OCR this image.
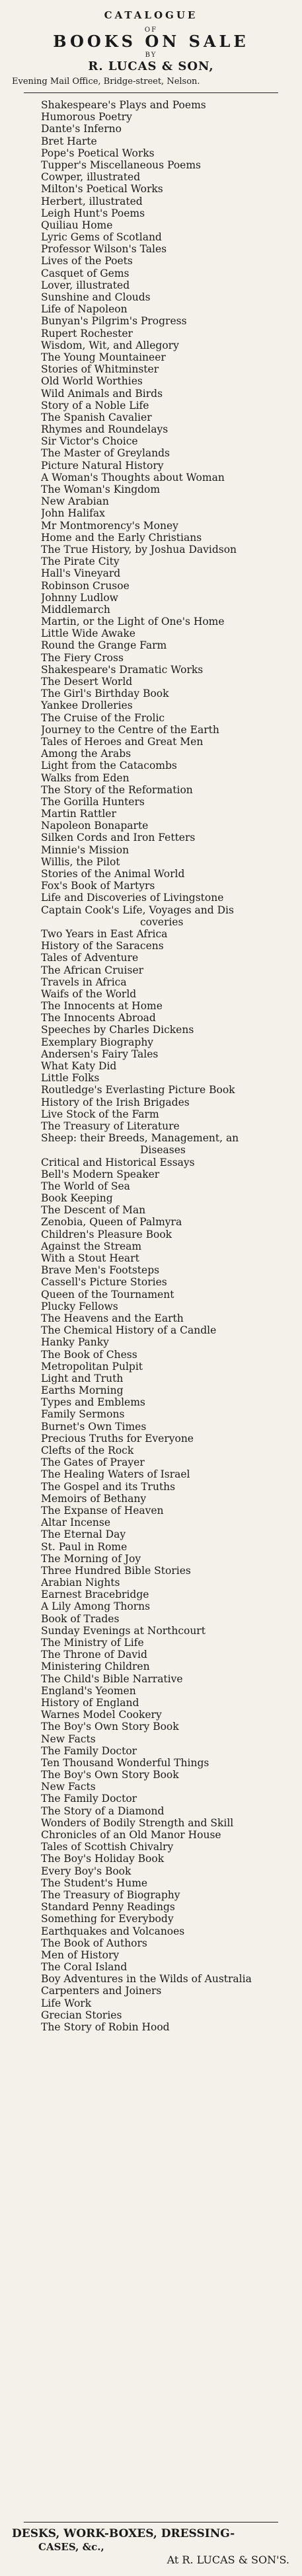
CATALOGUE
OF
BOOKS ON SALE
BY
R. LUCAS & SON,
Evening Mail Office, Bridge-street, Nelson.
Shakespeare's Plays and Poems
Humorous Poetry
Dante's Inferno
Bret Harte
Pope's Poetical Works
Tupper's Miscellaneous Poems
Cowper, illustrated
Milton's Poetical Works
Herbert, illustrated
Leigh Hunt's Poems
Quiliau Home
Lyric Gems of Scotland
Professor Wilson's Tales
Lives of the Poets
Casquet of Gems
Lover, illustrated
Sunshine and Clouds
Life of Napoleon
Bunyan's Pilgrim's Progress
Rupert Rochester
Wisdom, Wit, and Allegory
The Young Mountaineer
Stories of Whitminster
Old World Worthies
Wild Animals and Birds
Story of a Noble Life
The Spanish Cavalier
Rhymes and Roundelays
Sir Victor's Choice
The Master of Greylands
Picture Natural History
A Woman's Thoughts about Woman
The Woman's Kingdom
New Arabian
John Halifax
Mr Montmorency's Money
Home and the Early Christians
The True History, by Joshua Davidson
The Pirate City
Hall's Vineyard
Robinson Crusoe
Johnny Ludlow
Middlemarch
Martin, or the Light of One's Home
Little Wide Awake
Round the Grange Farm
The Fiery Cross
Shakespeare's Dramatic Works
The Desert World
The Girl's Birthday Book
Yankee Drolleries
The Cruise of the Frolic
Journey to the Centre of the Earth
Tales of Heroes and Great Men
Among the Arabs
Light from the Catacombs
Walks from Eden
The Story of the Reformation
The Gorilla Hunters
Martin Rattler
Napoleon Bonaparte
Silken Cords and Iron Fetters
Minnie's Mission
Willis, the Pilot
Stories of the Animal World
Fox's Book of Martyrs
Life and Discoveries of Livingstone
Captain Cook's Life, Voyages and Dis
coveries
Two Years in East Africa
History of the Saracens
Tales of Adventure
The African Cruiser
Travels in Africa
Waifs of the World
The Innocents at Home
The Innocents Abroad
Speeches by Charles Dickens
Exemplary Biography
Andersen's Fairy Tales
What Katy Did
Little Folks
Routledge's Everlasting Picture Book
History of the Irish Brigades
Live Stock of the Farm
The Treasury of Literature
Sheep: their Breeds, Management, an
Diseases
Critical and Historical Essays
Bell's Modern Speaker
The World of Sea
Book Keeping
The Descent of Man
Zenobia, Queen of Palmyra
Children's Pleasure Book
Against the Stream
With a Stout Heart
Brave Men's Footsteps
Cassell's Picture Stories
Queen of the Tournament
Plucky Fellows
The Heavens and the Earth
The Chemical History of a Candle
Hanky Panky
The Book of Chess
Metropolitan Pulpit
Light and Truth
Earths Morning
Types and Emblems
Family Sermons
Burnet's Own Times
Precious Truths for Everyone
Clefts of the Rock
The Gates of Prayer
The Healing Waters of Israel
The Gospel and its Truths
Memoirs of Bethany
The Expanse of Heaven
Altar Incense
The Eternal Day
St. Paul in Rome
The Morning of Joy
Three Hundred Bible Stories
Arabian Nights
Earnest Bracebridge
A Lily Among Thorns
Book of Trades
Sunday Evenings at Northcourt
The Ministry of Life
The Throne of David
Ministering Children
The Child's Bible Narrative
England's Yeomen
History of England
Warnes Model Cookery
The Boy's Own Story Book
New Facts
The Family Doctor
Ten Thousand Wonderful Things
The Boy's Own Story Book
New Facts
The Family Doctor
The Story of a Diamond
Wonders of Bodily Strength and Skill
Chronicles of an Old Manor House
Tales of Scottish Chivalry
The Boy's Holiday Book
Every Boy's Book
The Student's Hume
The Treasury of Biography
Standard Penny Readings
Something for Everybody
Earthquakes and Volcanoes
The Book of Authors
Men of History
The Coral Island
Boy Adventures in the Wilds of Australia
Carpenters and Joiners
Life Work
Grecian Stories
The Story of Robin Hood
DESKS, WORK-BOXES, DRESSING-
CASES, &c.,
At R. LUCAS & SON'S.
